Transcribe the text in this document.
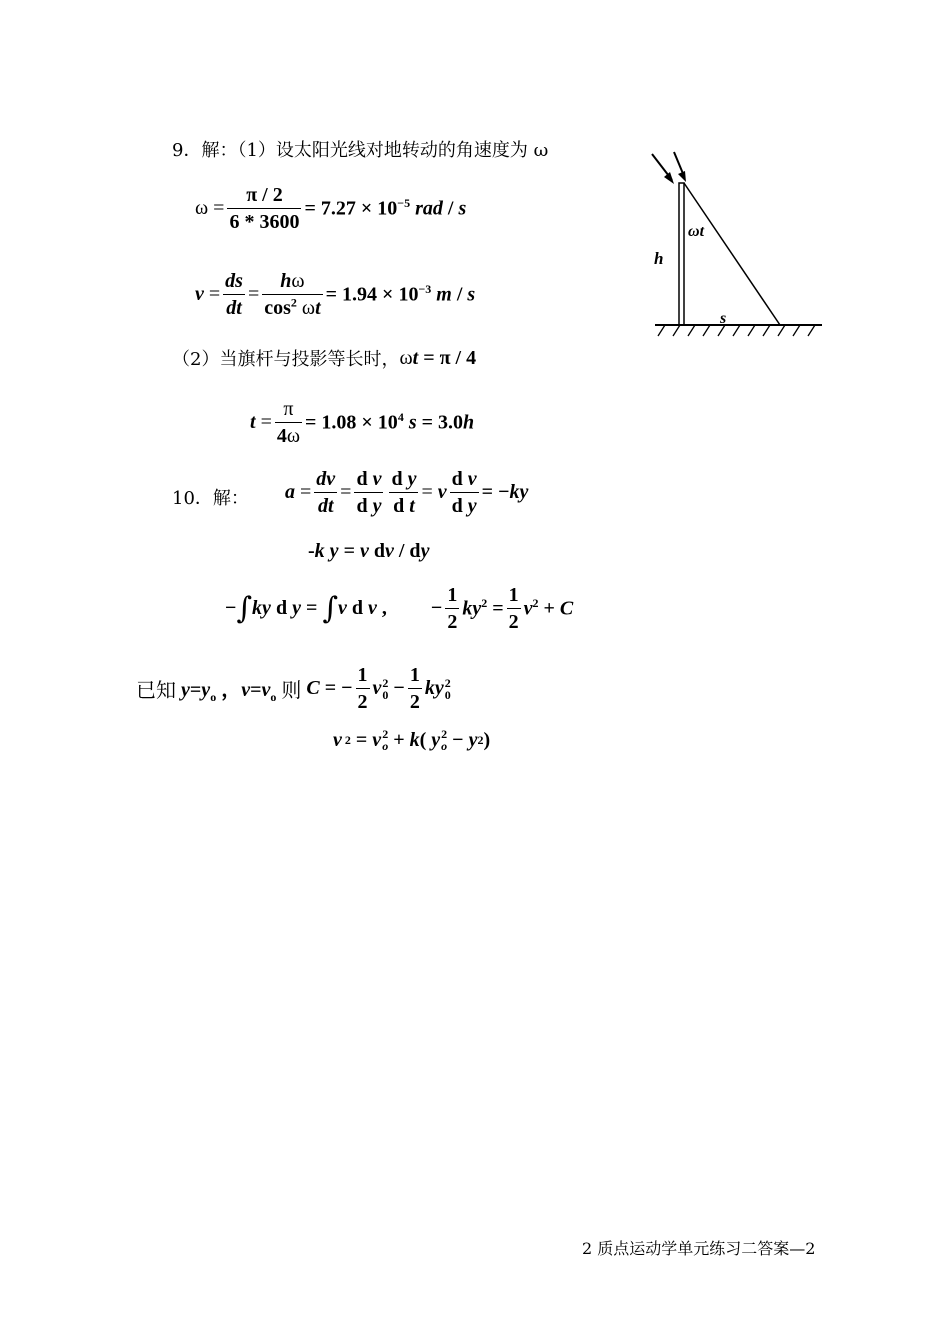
9．解：（1）设太阳光线对地转动的角速度为 ω
$\omega = \frac{\pi / 2}{6 * 3600} = 7.27 \times 10^{-5}$ rad / s
v
= $\frac{ds}{dt} = \frac{h\omega}{\cos^2 \omega t} = 1.94 \times 10^{-3}$ m / s
（2）当旗杆与投影等长时， ωt = π / 4
t
= $\frac{\pi}{4\omega} = 1.08 \times 10^4$ s = 3.0h
10．解： a
= $\frac{dv}{dt} = \frac{\text{d v}}{\text{d y}} \frac{\text{d y}}{\text{d t}}$ =
v $\frac{\text{d v}}{\text{d y}} = -ky$
-k y = v dv / dy
− ∫ ky d y =
∫ v d v , − $\frac{1}{2} ky^2 = \frac{1}{2} v^2 + C$
已知 $y=y_o$ ，$v=v_o$ 则
C = − $\frac{1}{2}$ v 2
$0 - \frac{1}{2}$ ky 2
0
v 2 = v 2
o + k ( y 2
o − y 2 )
ωt
h
s
2 质点运动学单元练习二答案—2
